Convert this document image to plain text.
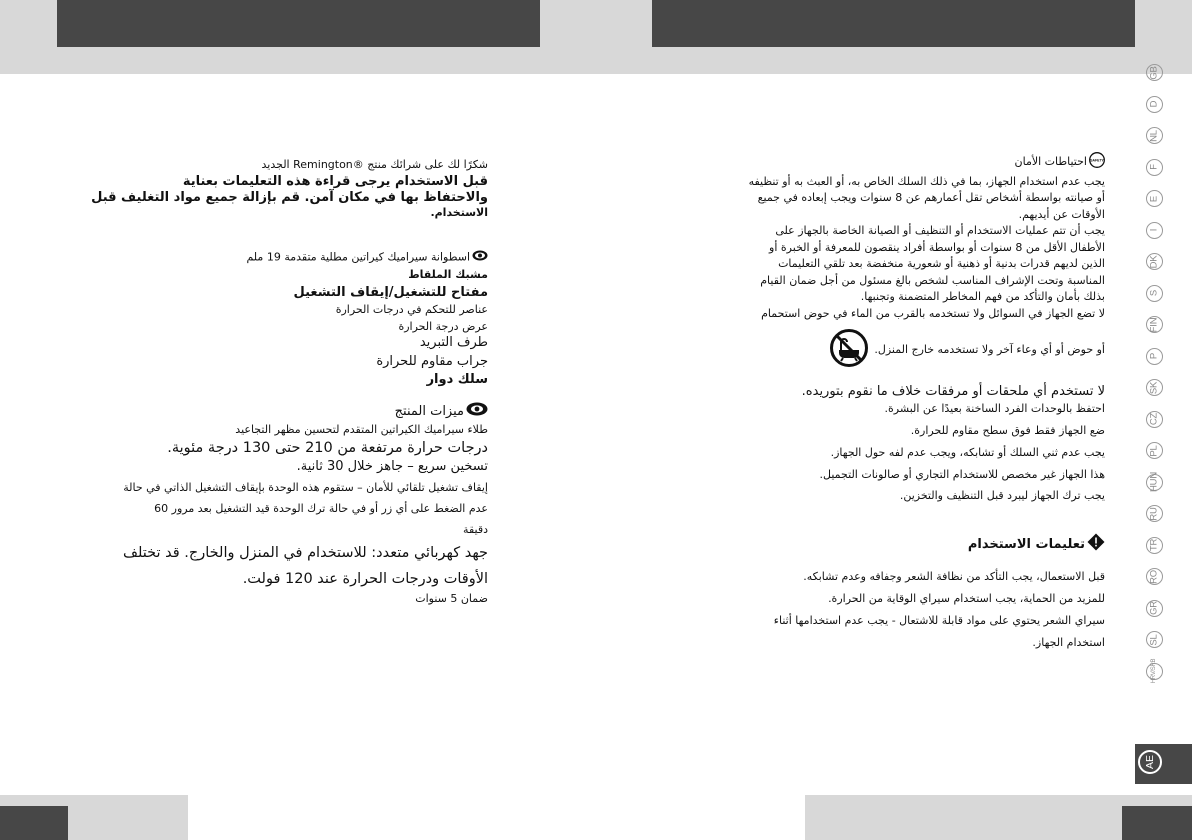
شكرًا لك على شرائك منتج ®Remington الجديد

قبل الاستخدام يرجى قراءة هذه التعليمات بعناية

والاحتفاظ بها في مكان آمن. قم بإزالة جميع مواد التغليف قبل

الاستخدام.

اسطوانة سيراميك كيراتين مطلية متقدمة 19 ملم

مشبك الملقاط

مفتاح للتشغيل/إيقاف التشغيل

عناصر للتحكم في درجات الحرارة

عرض درجة الحرارة

طرف التبريد

جراب مقاوم للحرارة

سلك دوار

ميزات المنتج

طلاء سيراميك الكيراتين المتقدم لتحسين مظهر التجاعيد

درجات حرارة مرتفعة من 210 حتى 130 درجة مئوية.

تسخين سريع – جاهز خلال 30 ثانية.

إيقاف تشغيل تلقائي للأمان – ستقوم هذه الوحدة بإيقاف التشغيل الذاتي في حالة

عدم الضغط على أي زر أو في حالة ترك الوحدة قيد التشغيل بعد مرور 60

دقيقة

جهد كهربائي متعدد: للاستخدام في المنزل والخارج. قد تختلف

الأوقات ودرجات الحرارة عند 120 فولت.

ضمان 5 سنوات

SAFETY
احتياطات الأمان

يجب عدم استخدام الجهاز، بما في ذلك السلك الخاص به، أو العبث به أو تنظيفه

أو صيانته بواسطة أشخاص تقل أعمارهم عن 8 سنوات ويجب إبعاده في جميع

الأوقات عن أيديهم.

يجب أن تتم عمليات الاستخدام أو التنظيف أو الصيانة الخاصة بالجهاز على

الأطفال الأقل من 8 سنوات أو بواسطة أفراد ينقصون للمعرفة أو الخبرة أو

الذين لديهم قدرات بدنية أو ذهنية أو شعورية منخفضة بعد تلقي التعليمات

المناسبة وتحت الإشراف المناسب لشخص بالغ مسئول من أجل ضمان القيام

بذلك بأمان والتأكد من فهم المخاطر المتضمنة وتجنبها.

لا تضع الجهاز في السوائل ولا تستخدمه بالقرب من الماء في حوض استحمام

أو حوض أو أي وعاء آخر ولا تستخدمه خارج المنزل.

لا تستخدم أي ملحقات أو مرفقات خلاف ما نقوم بتوريده.

احتفظ بالوحدات الفرد الساخنة بعيدًا عن البشرة.

ضع الجهاز فقط فوق سطح مقاوم للحرارة.

يجب عدم ثني السلك أو تشابكه، ويجب عدم لفه حول الجهاز.

هذا الجهاز غير مخصص للاستخدام التجاري أو صالونات التجميل.

يجب ترك الجهاز ليبرد قبل التنظيف والتخزين.

تعليمات الاستخدام

قبل الاستعمال، يجب التأكد من نظافة الشعر وجفافه وعدم تشابكه.

للمزيد من الحماية، يجب استخدام سيراي الوقاية من الحرارة.

سيراي الشعر يحتوي على مواد قابلة للاشتعال - يجب عدم استخدامها أثناء

استخدام الجهاز.

GB
D
NL
F
E
I
DK
S
FIN
P
SK
CZ
PL
HUN
RU
TR
RO
GR
SL
HRV/SRB
AE
